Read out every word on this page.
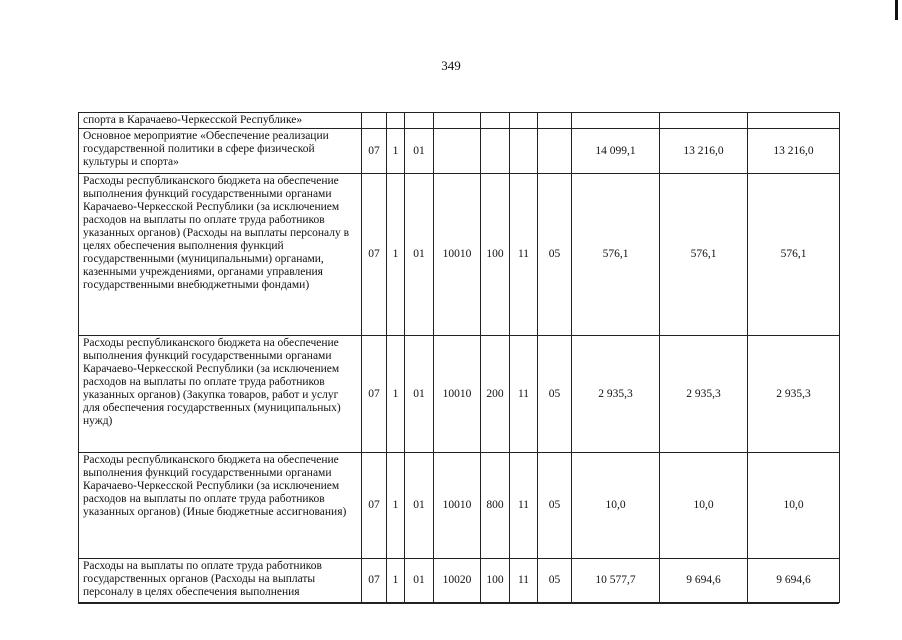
349
спорта в Карачаево-Черкесской Республике»										
Основное мероприятие «Обеспечение реализации государственной политики в сфере физической культуры и спорта»	07	1	01					14 099,1	13 216,0	13 216,0
Расходы республиканского бюджета на обеспечение выполнения функций государственными органами Карачаево-Черкесской Республики (за исключением расходов на выплаты по оплате труда работников указанных органов) (Расходы на выплаты персоналу в целях обеспечения выполнения функций государственными (муниципальными) органами, казенными учреждениями, органами управления государственными внебюджетными фондами)	07	1	01	10010	100	11	05	576,1	576,1	576,1
Расходы республиканского бюджета на обеспечение выполнения функций государственными органами Карачаево-Черкесской Республики (за исключением расходов на выплаты по оплате труда работников указанных органов) (Закупка товаров, работ и услуг для обеспечения государственных (муниципальных) нужд)	07	1	01	10010	200	11	05	2 935,3	2 935,3	2 935,3
Расходы республиканского бюджета на обеспечение выполнения функций государственными органами Карачаево-Черкесской Республики (за исключением расходов на выплаты по оплате труда работников указанных органов) (Иные бюджетные ассигнования)	07	1	01	10010	800	11	05	10,0	10,0	10,0
Расходы на выплаты по оплате труда работников государственных органов (Расходы на выплаты персоналу в целях обеспечения выполнения	07	1	01	10020	100	11	05	10 577,7	9 694,6	9 694,6
